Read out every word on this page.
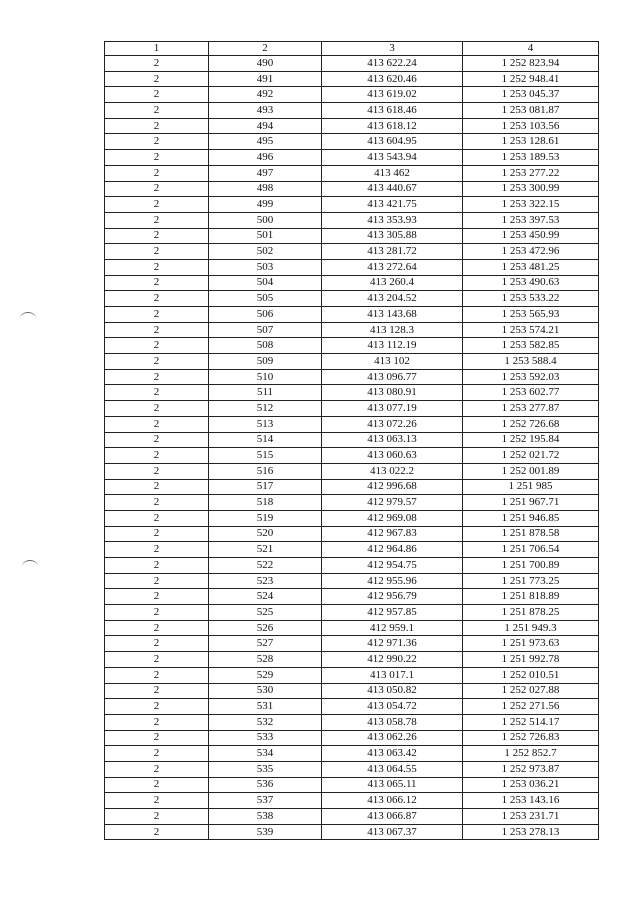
1	2	3	4
2	490	413 622.24	1 252 823.94
2	491	413 620.46	1 252 948.41
2	492	413 619.02	1 253 045.37
2	493	413 618.46	1 253 081.87
2	494	413 618.12	1 253 103.56
2	495	413 604.95	1 253 128.61
2	496	413 543.94	1 253 189.53
2	497	413 462	1 253 277.22
2	498	413 440.67	1 253 300.99
2	499	413 421.75	1 253 322.15
2	500	413 353.93	1 253 397.53
2	501	413 305.88	1 253 450.99
2	502	413 281.72	1 253 472.96
2	503	413 272.64	1 253 481.25
2	504	413 260.4	1 253 490.63
2	505	413 204.52	1 253 533.22
2	506	413 143.68	1 253 565.93
2	507	413 128.3	1 253 574.21
2	508	413 112.19	1 253 582.85
2	509	413 102	1 253 588.4
2	510	413 096.77	1 253 592.03
2	511	413 080.91	1 253 602.77
2	512	413 077.19	1 253 277.87
2	513	413 072.26	1 252 726.68
2	514	413 063.13	1 252 195.84
2	515	413 060.63	1 252 021.72
2	516	413 022.2	1 252 001.89
2	517	412 996.68	1 251 985
2	518	412 979.57	1 251 967.71
2	519	412 969.08	1 251 946.85
2	520	412 967.83	1 251 878.58
2	521	412 964.86	1 251 706.54
2	522	412 954.75	1 251 700.89
2	523	412 955.96	1 251 773.25
2	524	412 956.79	1 251 818.89
2	525	412 957.85	1 251 878.25
2	526	412 959.1	1 251 949.3
2	527	412 971.36	1 251 973.63
2	528	412 990.22	1 251 992.78
2	529	413 017.1	1 252 010.51
2	530	413 050.82	1 252 027.88
2	531	413 054.72	1 252 271.56
2	532	413 058.78	1 252 514.17
2	533	413 062.26	1 252 726.83
2	534	413 063.42	1 252 852.7
2	535	413 064.55	1 252 973.87
2	536	413 065.11	1 253 036.21
2	537	413 066.12	1 253 143.16
2	538	413 066.87	1 253 231.71
2	539	413 067.37	1 253 278.13
